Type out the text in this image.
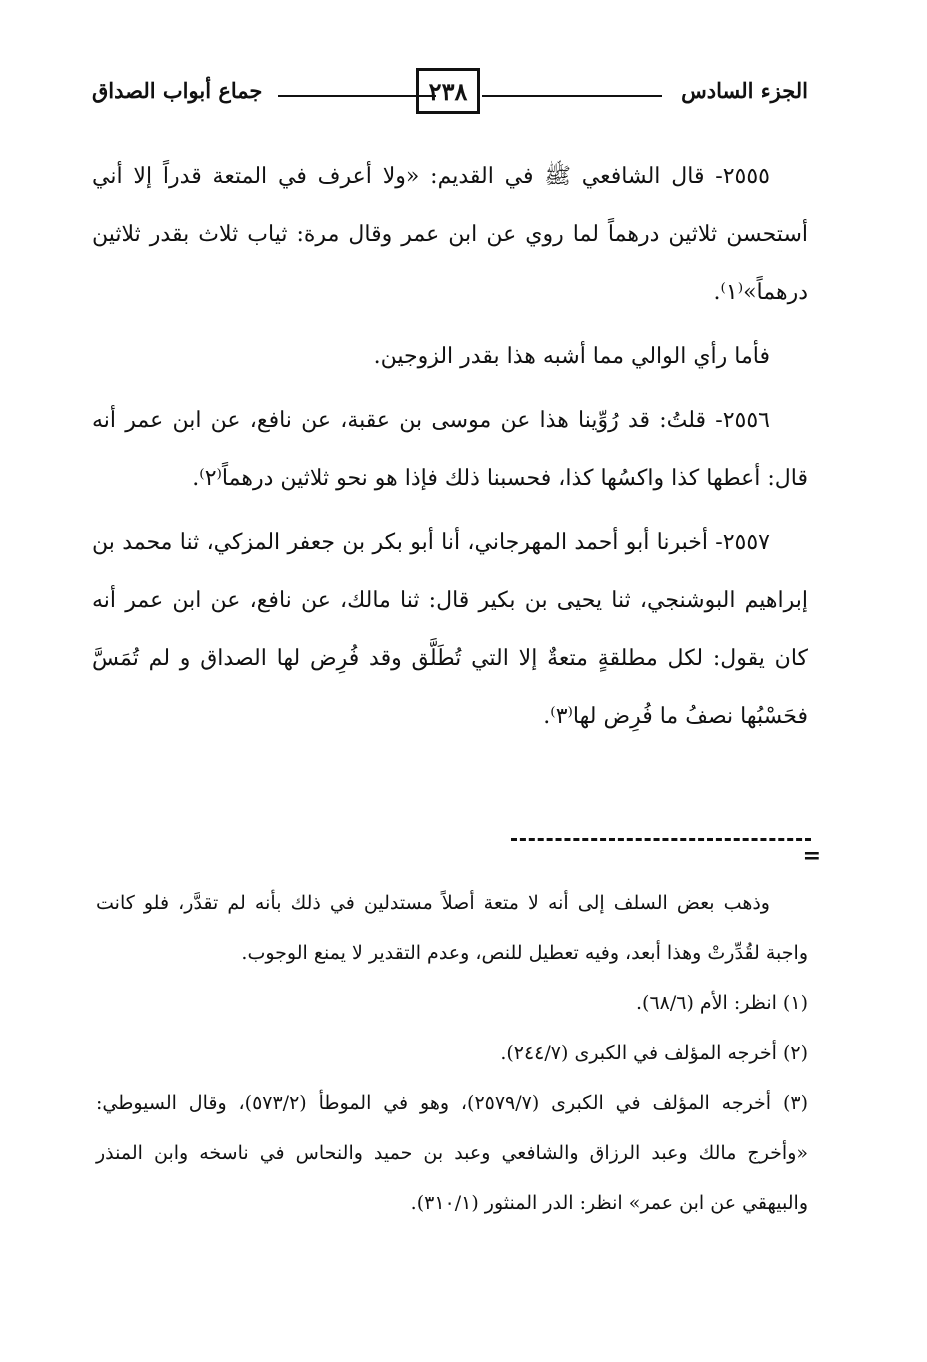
الجزء السادس
٢٣٨
جماع أبواب الصداق

٢٥٥٥- قال الشافعي ﷺ في القديم: «ولا أعرف في المتعة قدراً إلا أني أستحسن ثلاثين درهماً لما روي عن ابن عمر وقال مرة: ثياب ثلاث بقدر ثلاثين درهماً»⁽١⁾.

فأما رأي الوالي مما أشبه هذا بقدر الزوجين.

٢٥٥٦- قلتُ: قد رُوِّينا هذا عن موسى بن عقبة، عن نافع، عن ابن عمر أنه قال: أعطها كذا واكسُها كذا، فحسبنا ذلك فإذا هو نحو ثلاثين درهماً⁽٢⁾.

٢٥٥٧- أخبرنا أبو أحمد المهرجاني، أنا أبو بكر بن جعفر المزكي، ثنا محمد بن إبراهيم البوشنجي، ثنا يحيى بن بكير قال: ثنا مالك، عن نافع، عن ابن عمر أنه كان يقول: لكل مطلقةٍ متعةٌ إلا التي تُطَلَّق وقد فُرِض لها الصداق و لم تُمَسَّ فحَسْبُها نصفُ ما فُرِض لها⁽٣⁾.

=

وذهب بعض السلف إلى أنه لا متعة أصلاً مستدلين في ذلك بأنه لم تقدَّر، فلو كانت واجبة لقُدِّرتْ وهذا أبعد، وفيه تعطيل للنص، وعدم التقدير لا يمنع الوجوب.

(١) انظر: الأم (٦٨/٦).

(٢) أخرجه المؤلف في الكبرى (٢٤٤/٧).

(٣) أخرجه المؤلف في الكبرى (٢٥٧٩/٧)، وهو في الموطأ (٥٧٣/٢)، وقال السيوطي: «وأخرج مالك وعبد الرزاق والشافعي وعبد بن حميد والنحاس في ناسخه وابن المنذر والبيهقي عن ابن عمر» انظر: الدر المنثور (٣١٠/١).
